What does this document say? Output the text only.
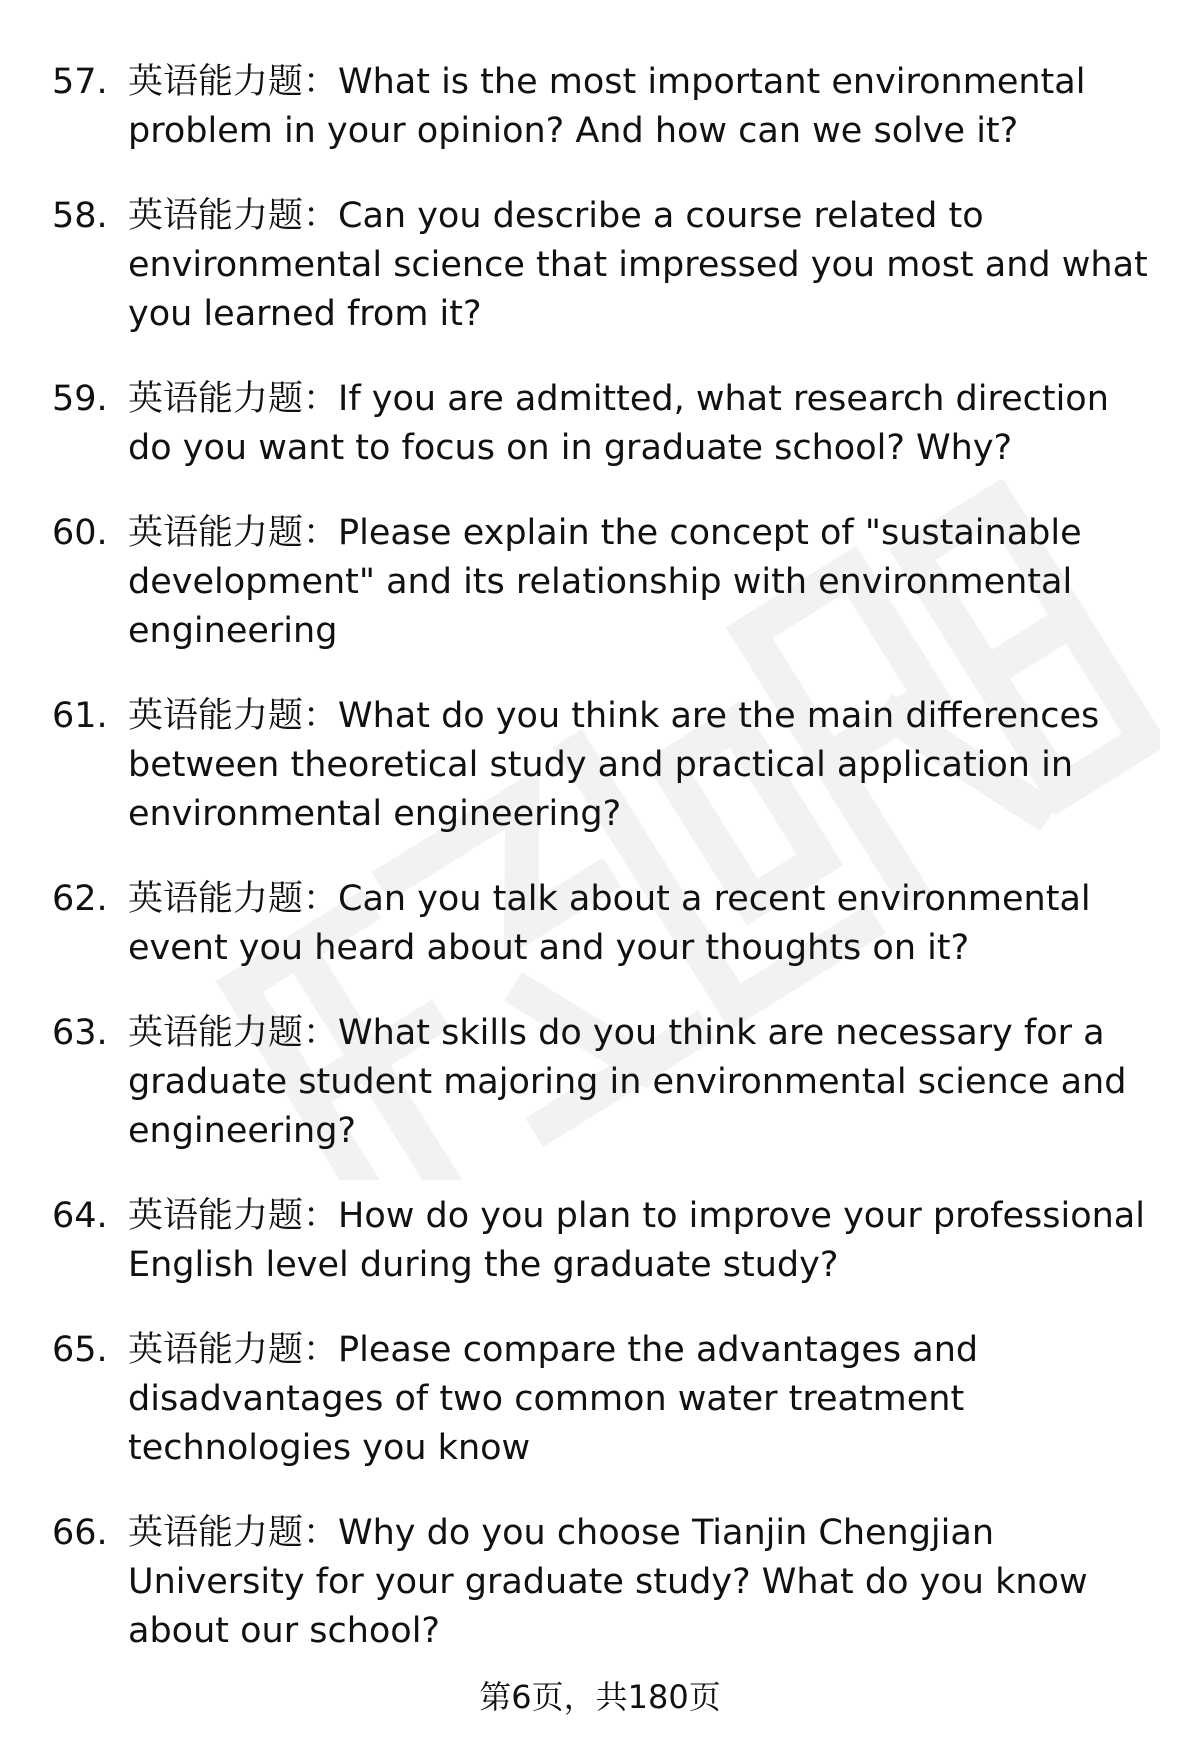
57. 英语能力题：What is the most important environmental problem in your opinion? And how can we solve it?
58. 英语能力题：Can you describe a course related to environmental science that impressed you most and what you learned from it?
59. 英语能力题：If you are admitted, what research direction do you want to focus on in graduate school? Why?
60. 英语能力题：Please explain the concept of "sustainable development" and its relationship with environmental engineering
61. 英语能力题：What do you think are the main differences between theoretical study and practical application in environmental engineering?
62. 英语能力题：Can you talk about a recent environmental event you heard about and your thoughts on it?
63. 英语能力题：What skills do you think are necessary for a graduate student majoring in environmental science and engineering?
64. 英语能力题：How do you plan to improve your professional English level during the graduate study?
65. 英语能力题：Please compare the advantages and disadvantages of two common water treatment technologies you know
66. 英语能力题：Why do you choose Tianjin Chengjian University for your graduate study? What do you know about our school?
第6页，共180页
